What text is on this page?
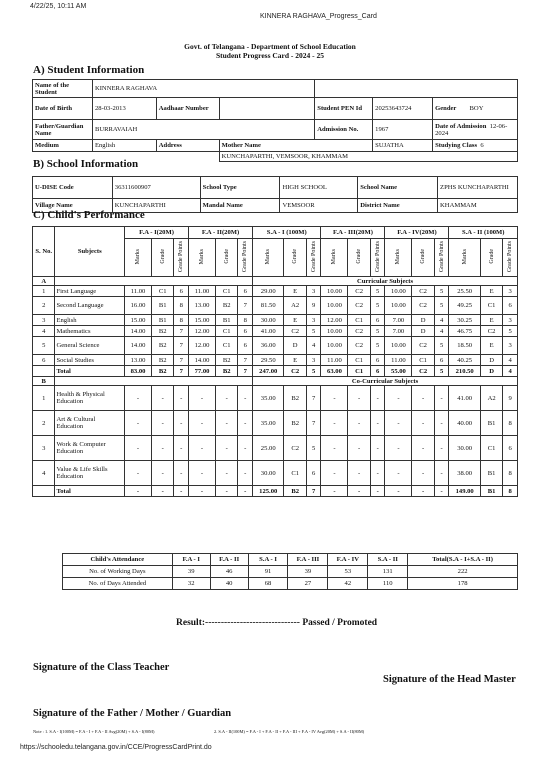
4/22/25, 10:11 AM
KINNERA RAGHAVA_Progress_Card
Govt. of Telangana - Department of School Education
Student Progress Card - 2024 - 25
A) Student Information
Name of the Student	KINNERA RAGHAVA					
Date of Birth	28-03-2013	Aadhaar Number		Student PEN Id	20253643724	Gender BOY
Father/Guardian Name	BURRAVAIAH			Admission No.	1967	Date of Admission 12-06-2024
Medium	English	Address	Mother Name		SUJATHA	Studying Class 6
			KUNCHAPARTHI, VEMSOOR, KHAMMAM			
B) School Information
U-DISE Code	36311600907	School Type	HIGH SCHOOL	School Name	ZPHS KUNCHAPARTHI
Village Name	KUNCHAPARTHI	Mandal Name	VEMSOOR	District Name	KHAMMAM
C) Child's Performance
S. No.	Subjects	F.A - I(20M)			F.A - II(20M)			S.A - I (100M)			F.A - III(20M)			F.A - IV(20M)			S.A - II (100M)		
		Marks	Grade	Grade Points	Marks	Grade	Grade Points	Marks	Grade	Grade Points	Marks	Grade	Grade Points	Marks	Grade	Grade Points	Marks	Grade	Grade Points
A								Curricular Subjects											
1	First Language	11.00	C1	6	11.00	C1	6	29.00	E	3	10.00	C2	5	10.00	C2	5	25.50	E	3
2	Second Language	16.00	B1	8	13.00	B2	7	81.50	A2	9	10.00	C2	5	10.00	C2	5	49.25	C1	6
3	English	15.00	B1	8	15.00	B1	8	30.00	E	3	12.00	C1	6	7.00	D	4	30.25	E	3
4	Mathematics	14.00	B2	7	12.00	C1	6	41.00	C2	5	10.00	C2	5	7.00	D	4	46.75	C2	5
5	General Science	14.00	B2	7	12.00	C1	6	36.00	D	4	10.00	C2	5	10.00	C2	5	18.50	E	3
6	Social Studies	13.00	B2	7	14.00	B2	7	29.50	E	3	11.00	C1	6	11.00	C1	6	40.25	D	4
	Total	83.00	B2	7	77.00	B2	7	247.00	C2	5	63.00	C1	6	55.00	C2	5	210.50	D	4
B								Co-Curricular Subjects											
1	Health & Physical Education	-	-	-	-	-	-	35.00	B2	7	-	-	-	-	-	-	41.00	A2	9
2	Art & Cultural Education	-	-	-	-	-	-	35.00	B2	7	-	-	-	-	-	-	40.00	B1	8
3	Work & Computer Education	-	-	-	-	-	-	25.00	C2	5	-	-	-	-	-	-	30.00	C1	6
4	Value & Life Skills Education	-	-	-	-	-	-	30.00	C1	6	-	-	-	-	-	-	38.00	B1	8
	Total	-	-	-	-	-	-	125.00	B2	7	-	-	-	-	-	-	149.00	B1	8
Child's Attendance	F.A - I	F.A - II	S.A - I	F.A - III	F.A - IV	S.A - II	Total(S.A - I+S.A - II)
No. of Working Days	39	46	91	39	53	131	222
No. of Days Attended	32	40	68	27	42	110	178
Result:------------------------------ Passed / Promoted
Signature of the Class Teacher
Signature of the Head Master
Signature of the Father / Mother / Guardian
Note : 1. S.A - I(100M) = F.A - I + F.A - II Avg(20M) + S.A - I(80M)	2. S.A - II(100M) = F.A - I + F.A - II + F.A - III + F.A - IV Avg(20M) + S.A - II(80M)
https://schooledu.telangana.gov.in/CCE/ProgressCardPrint.do
